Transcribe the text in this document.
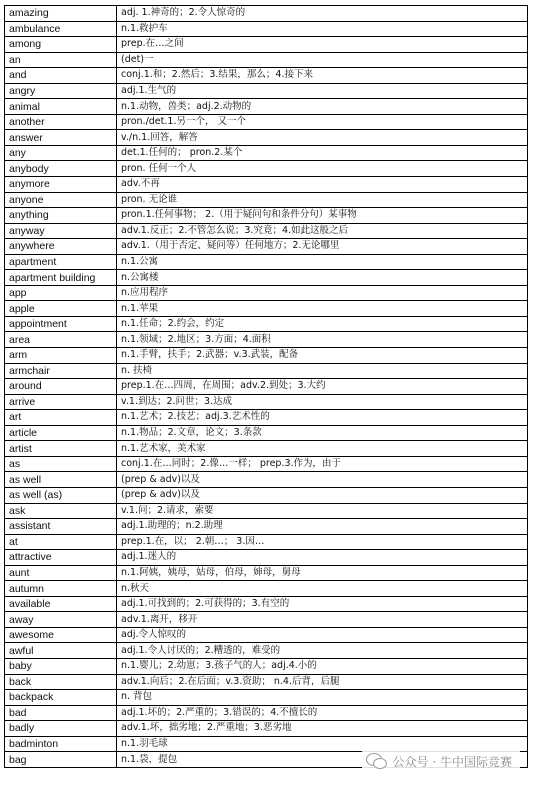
amazing	adj. 1.神奇的；2.令人惊奇的
ambulance	n.1.救护车
among	prep.在…之间
an	(det)一
and	conj.1.和；2.然后；3.结果，那么；4.接下来
angry	adj.1.生气的
animal	n.1.动物，兽类；adj.2.动物的
another	pron./det.1.另一个， 又一个
answer	v./n.1.回答，解答
any	det.1.任何的； pron.2.某个
anybody	pron. 任何一个人
anymore	adv.不再
anyone	pron. 无论谁
anything	pron.1.任何事物； 2.（用于疑问句和条件分句）某事物
anyway	adv.1.反正；2.不管怎么说；3.究竟；4.如此这般之后
anywhere	adv.1.（用于否定、疑问等）任何地方；2.无论哪里
apartment	n.1.公寓
apartment building	n.公寓楼
app	n.应用程序
apple	n.1.苹果
appointment	n.1.任命；2.约会，约定
area	n.1.领域；2.地区；3.方面；4.面积
arm	n.1.手臂，扶手；2.武器；v.3.武装，配备
armchair	n. 扶椅
around	prep.1.在…四周，在周围；adv.2.到处；3.大约
arrive	v.1.到达；2.问世；3.达成
art	n.1.艺术；2.技艺；adj.3.艺术性的
article	n.1.物品；2.文章，论文；3.条款
artist	n.1.艺术家，美术家
as	conj.1.在…同时；2.像…一样； prep.3.作为，由于
as well	(prep & adv)以及
as well (as)	(prep & adv)以及
ask	v.1.问；2.请求，索要
assistant	adj.1.助理的；n.2.助理
at	prep.1.在，以； 2.朝…； 3.因…
attractive	adj.1.迷人的
aunt	n.1.阿姨，姨母，姑母，伯母，婶母，舅母
autumn	n.秋天
available	adj.1.可找到的；2.可获得的；3.有空的
away	adv.1.离开，移开
awesome	adj.令人惊叹的
awful	adj.1.令人讨厌的；2.糟透的，难受的
baby	n.1.婴儿；2.幼崽；3.孩子气的人；adj.4.小的
back	adv.1.向后；2.在后面；v.3.资助； n.4.后背，后腿
backpack	n. 背包
bad	adj.1.坏的；2.严重的；3.错误的；4.不擅长的
badly	adv.1.坏，拙劣地；2.严重地；3.恶劣地
badminton	n.1.羽毛球
bag	n.1.袋，提包	公众号 · 牛中国际竞赛
